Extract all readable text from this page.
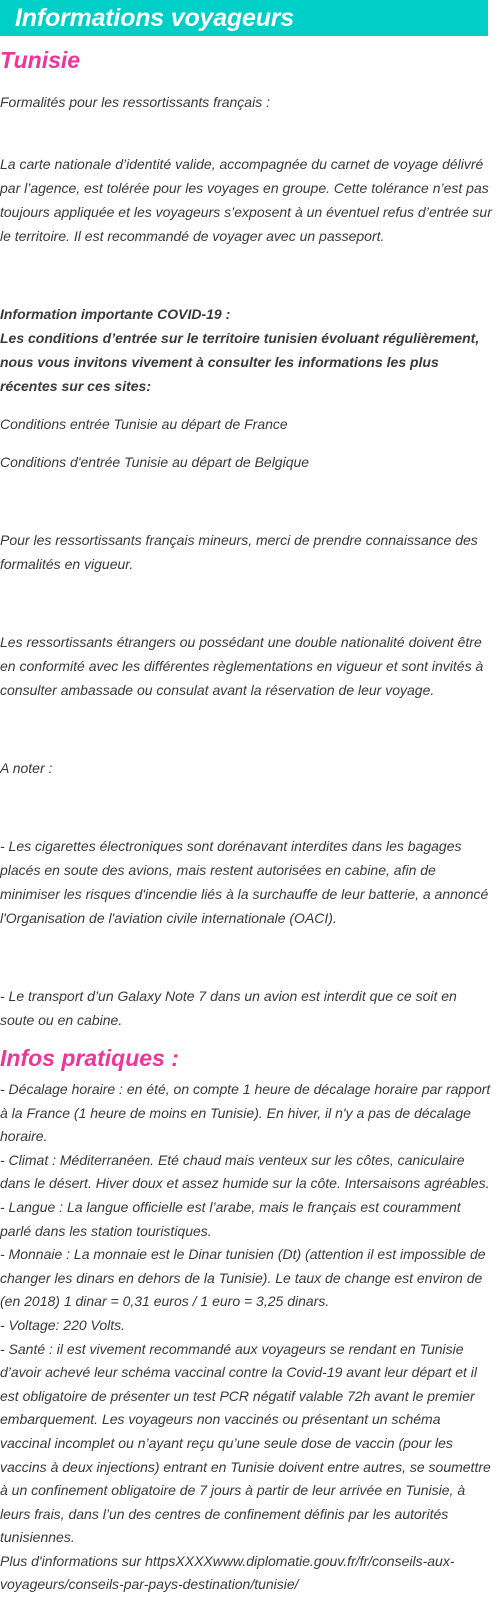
Informations voyageurs
Tunisie

Formalités pour les ressortissants français :

La carte nationale d’identité valide, accompagnée du carnet de voyage délivré par l’agence, est tolérée pour les voyages en groupe. Cette tolérance n’est pas toujours appliquée et les voyageurs s’exposent à un éventuel refus d’entrée sur le territoire. Il est recommandé de voyager avec un passeport.

Information importante COVID-19 :

Les conditions d’entrée sur le territoire tunisien évoluant régulièrement, nous vous invitons vivement à consulter les informations les plus récentes sur ces sites:

Conditions entrée Tunisie au départ de France

Conditions d'entrée Tunisie au départ de Belgique

Pour les ressortissants français mineurs, merci de prendre connaissance des formalités en vigueur.

Les ressortissants étrangers ou possédant une double nationalité doivent être en conformité avec les différentes règlementations en vigueur et sont invités à consulter ambassade ou consulat avant la réservation de leur voyage.

A noter :

- Les cigarettes électroniques sont dorénavant interdites dans les bagages placés en soute des avions, mais restent autorisées en cabine, afin de minimiser les risques d'incendie liés à la surchauffe de leur batterie, a annoncé l'Organisation de l'aviation civile internationale (OACI).

- Le transport d’un Galaxy Note 7 dans un avion est interdit que ce soit en soute ou en cabine.

Infos pratiques :

- Décalage horaire : en été, on compte 1 heure de décalage horaire par rapport à la France (1 heure de moins en Tunisie). En hiver, il n'y a pas de décalage horaire.

- Climat : Méditerranéen. Eté chaud mais venteux sur les côtes, caniculaire dans le désert. Hiver doux et assez humide sur la côte. Intersaisons agréables.

- Langue : La langue officielle est l’arabe, mais le français est couramment parlé dans les station touristiques.

- Monnaie : La monnaie est le Dinar tunisien (Dt) (attention il est impossible de changer les dinars en dehors de la Tunisie). Le taux de change est environ de (en 2018) 1 dinar = 0,31 euros / 1 euro = 3,25 dinars.

- Voltage: 220 Volts.

- Santé : il est vivement recommandé aux voyageurs se rendant en Tunisie d’avoir achevé leur schéma vaccinal contre la Covid-19 avant leur départ et il est obligatoire de présenter un test PCR négatif valable 72h avant le premier embarquement. Les voyageurs non vaccinés ou présentant un schéma vaccinal incomplet ou n’ayant reçu qu’une seule dose de vaccin (pour les vaccins à deux injections) entrant en Tunisie doivent entre autres, se soumettre à un confinement obligatoire de 7 jours à partir de leur arrivée en Tunisie, à leurs frais, dans l’un des centres de confinement définis par les autorités tunisiennes.

Plus d'informations sur httpsXXXXwww.diplomatie.gouv.fr/fr/conseils-aux-voyageurs/conseils-par-pays-destination/tunisie/
